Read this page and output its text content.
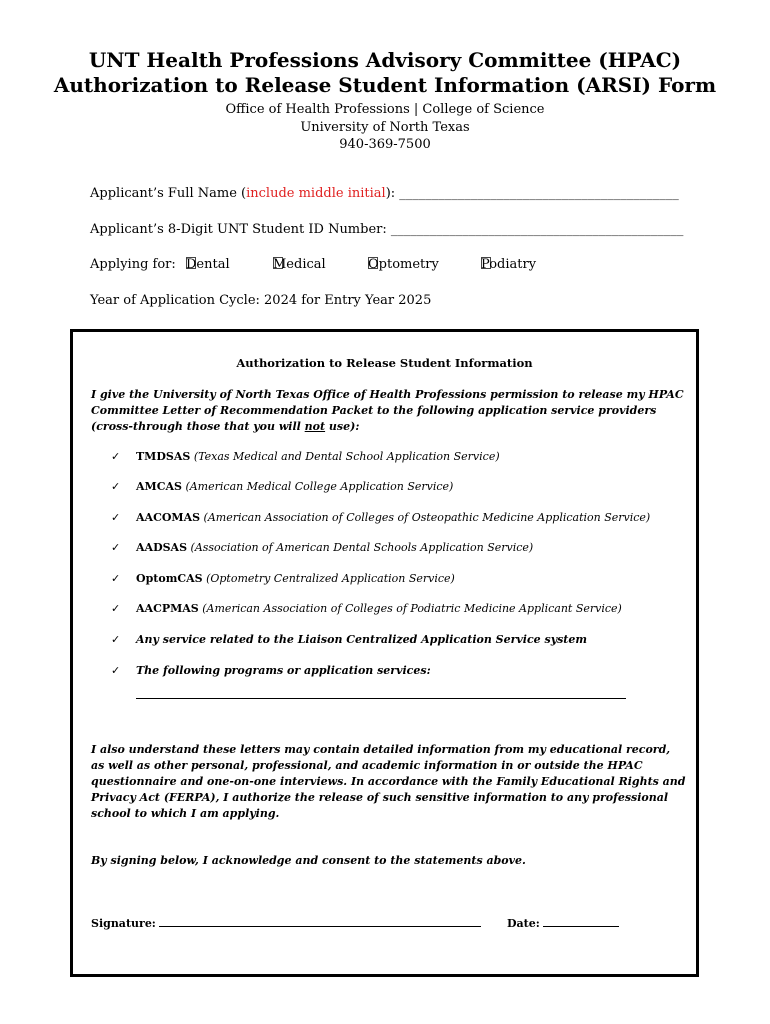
UNT Health Professions Advisory Committee (HPAC)
Authorization to Release Student Information (ARSI) Form
Office of Health Professions | College of Science
University of North Texas
940-369-7500
Applicant’s Full Name (include middle initial): ___________________________________________
Applicant’s 8-Digit UNT Student ID Number: _____________________________________________
Applying for: Dental	Medical	Optometry	Podiatry
Year of Application Cycle: 2024 for Entry Year 2025
Authorization to Release Student Information
I give the University of North Texas Office of Health Professions permission to release my HPAC Committee Letter of Recommendation Packet to the following application service providers (cross-through those that you will not use):
✓ TMDSAS (Texas Medical and Dental School Application Service)
✓ AMCAS (American Medical College Application Service)
✓ AACOMAS (American Association of Colleges of Osteopathic Medicine Application Service)
✓ AADSAS (Association of American Dental Schools Application Service)
✓ OptomCAS (Optometry Centralized Application Service)
✓ AACPMAS (American Association of Colleges of Podiatric Medicine Applicant Service)
✓ Any service related to the Liaison Centralized Application Service system
✓ The following programs or application services:
I also understand these letters may contain detailed information from my educational record, as well as other personal, professional, and academic information in or outside the HPAC questionnaire and one-on-one interviews. In accordance with the Family Educational Rights and Privacy Act (FERPA), I authorize the release of such sensitive information to any professional school to which I am applying.
By signing below, I acknowledge and consent to the statements above.
Signature:	Date:
